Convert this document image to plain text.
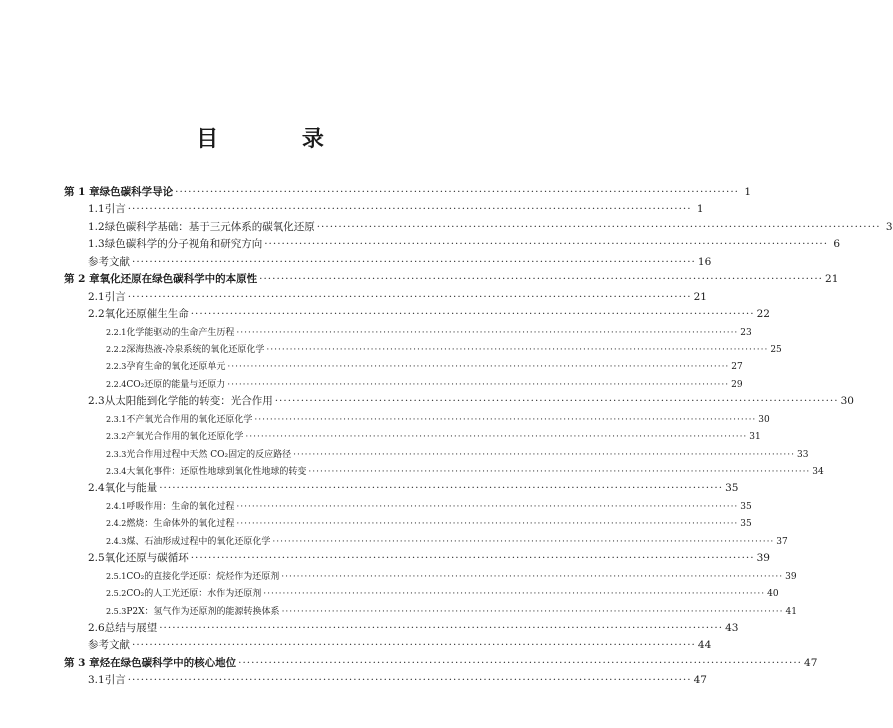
目 录
第 1 章 绿色碳科学导论 ·····	1
1.1 引言 ·····	1
1.2 绿色碳科学基础：基于三元体系的碳氧化还原 ·····	3
1.3 绿色碳科学的分子视角和研究方向 ·····	6
参考文献 ·····	16
第 2 章 氧化还原在绿色碳科学中的本原性 ·····	21
2.1 引言 ·····	21
2.2 氧化还原催生生命 ·····	22
2.2.1 化学能驱动的生命产生历程 ·····	23
2.2.2 深海热液-冷泉系统的氧化还原化学 ·····	25
2.2.3 孕育生命的氧化还原单元 ·····	27
2.2.4 CO₂还原的能量与还原力 ·····	29
2.3 从太阳能到化学能的转变：光合作用 ·····	30
2.3.1 不产氧光合作用的氧化还原化学 ·····	30
2.3.2 产氧光合作用的氧化还原化学 ·····	31
2.3.3 光合作用过程中天然 CO₂固定的反应路径 ·····	33
2.3.4 大氧化事件：还原性地球到氧化性地球的转变 ·····	34
2.4 氧化与能量 ·····	35
2.4.1 呼吸作用：生命的氧化过程 ·····	35
2.4.2 燃烧：生命体外的氧化过程 ·····	35
2.4.3 煤、石油形成过程中的氧化还原化学 ·····	37
2.5 氧化还原与碳循环 ·····	39
2.5.1 CO₂的直接化学还原：烷烃作为还原剂 ·····	39
2.5.2 CO₂的人工光还原：水作为还原剂 ·····	40
2.5.3 P2X：氢气作为还原剂的能源转换体系 ·····	41
2.6 总结与展望 ·····	43
参考文献 ·····	44
第 3 章 烃在绿色碳科学中的核心地位 ·····	47
3.1 引言 ·····	47
